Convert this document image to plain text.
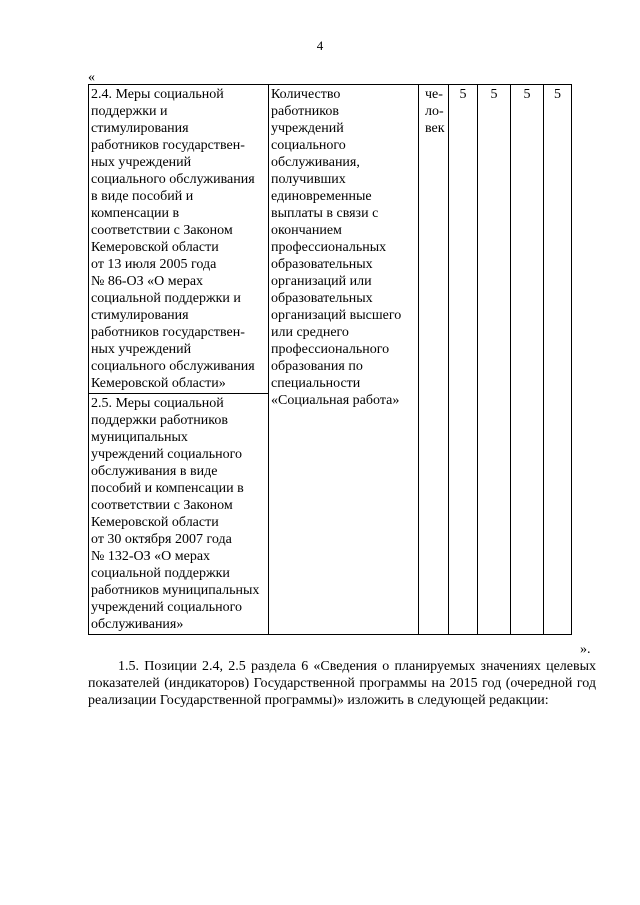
4
«
2.4. Меры социальной
поддержки и
стимулирования
работников государствен-
ных учреждений
социального обслуживания
в виде пособий и
компенсации в
соответствии с Законом
Кемеровской области
от 13 июля 2005 года
№ 86-ОЗ «О мерах
социальной поддержки и
стимулирования
работников государствен-
ных учреждений
социального обслуживания
Кемеровской области»	Количество
работников
учреждений
социального
обслуживания,
получивших
единовременные
выплаты в связи с
окончанием
профессиональных
образовательных
организаций или
образовательных
организаций высшего
или среднего
профессионального
образования по
специальности
«Социальная работа»	че-
ло-
век	5	5	5	5
2.5. Меры социальной
поддержки работников
муниципальных
учреждений социального
обслуживания в виде
пособий и компенсации в
соответствии с Законом
Кемеровской области
от 30 октября 2007 года
№ 132-ОЗ «О мерах
социальной поддержки
работников муниципальных
учреждений социального
обслуживания»
».
1.5. Позиции 2.4, 2.5 раздела 6 «Сведения о планируемых значениях целевых показателей (индикаторов) Государственной программы на 2015 год (очередной год реализации Государственной программы)» изложить в следующей редакции:
